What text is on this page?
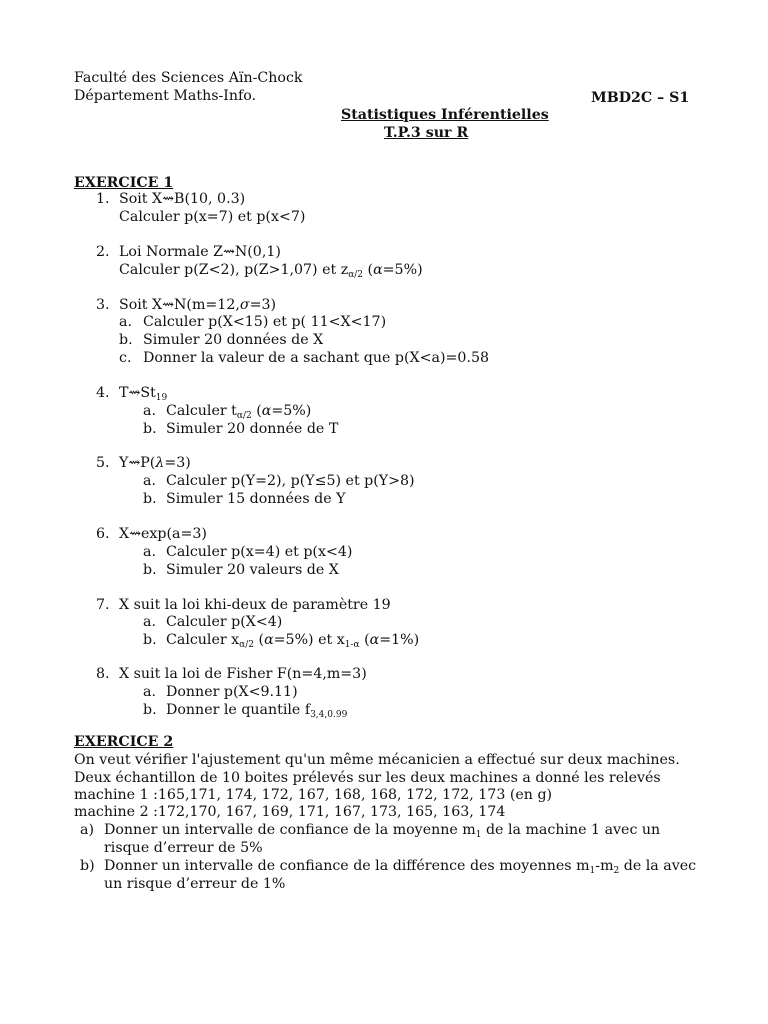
Faculté des Sciences Aïn-Chock
Département Maths-Info.	MBD2C – S1
Statistiques Inférentielles
T.P.3 sur R
EXERCICE 1
1. Soit X⇝B(10, 0.3)
Calculer p(x=7) et p(x<7)
2. Loi Normale Z⇝N(0,1)
Calculer p(Z<2), p(Z>1,07) et $z_{\alpha/2}$ (α=5%)
3. Soit X⇝N(m=12,σ=3)
a. Calculer p(X<15) et p( 11<X<17)
b. Simuler 20 données de X
c. Donner la valeur de a sachant que p(X<a)=0.58
4. $T⇝St_{19}$
a. Calculer $t_{\alpha/2}$ (α=5%)
b. Simuler 20 donnée de T
5. Y⇝P(λ=3)
a. Calculer p(Y=2), p(Y≤5) et p(Y>8)
b. Simuler 15 données de Y
6. X⇝exp(a=3)
a. Calculer p(x=4) et p(x<4)
b. Simuler 20 valeurs de X
7. X suit la loi khi-deux de paramètre 19
a. Calculer p(X<4)
b. Calculer $x_{\alpha/2}$ (α=5%) et $x_{1-\alpha}$ (α=1%)
8. X suit la loi de Fisher F(n=4,m=3)
a. Donner p(X<9.11)
b. Donner le quantile $f_{3,4,0.99}$
EXERCICE 2
On veut vérifier l'ajustement qu'un même mécanicien a effectué sur deux machines.
Deux échantillon de 10 boites prélevés sur les deux machines a donné les relevés
machine 1 :165,171, 174, 172, 167, 168, 168, 172, 172, 173 (en g)
machine 2 :172,170, 167, 169, 171, 167, 173, 165, 163, 174
a) Donner un intervalle de confiance de la moyenne $m_1$ de la machine 1 avec un
risque d’erreur de 5%
b) Donner un intervalle de confiance de la différence des moyennes $m_1-m_2$ de la avec
un risque d’erreur de 1%
